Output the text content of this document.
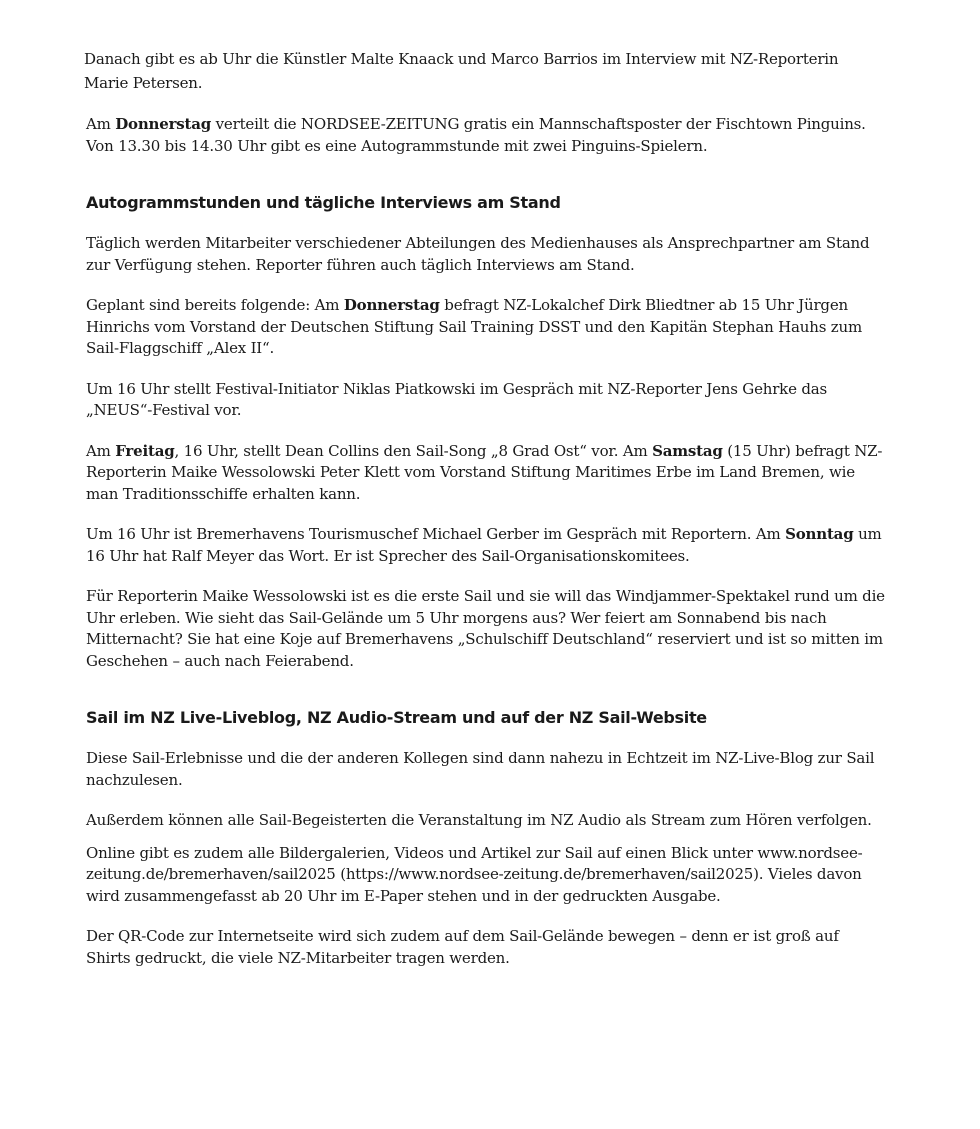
Danach gibt es ab Uhr die Künstler Malte Knaack und Marco Barrios im Interview mit NZ-Reporterin Marie Petersen.

Am Donnerstag verteilt die NORDSEE-ZEITUNG gratis ein Mannschaftsposter der Fischtown Pinguins. Von 13.30 bis 14.30 Uhr gibt es eine Autogrammstunde mit zwei Pinguins-Spielern.

Autogrammstunden und tägliche Interviews am Stand

Täglich werden Mitarbeiter verschiedener Abteilungen des Medienhauses als Ansprechpartner am Stand zur Verfügung stehen. Reporter führen auch täglich Interviews am Stand.

Geplant sind bereits folgende: Am Donnerstag befragt NZ-Lokalchef Dirk Bliedtner ab 15 Uhr Jürgen Hinrichs vom Vorstand der Deutschen Stiftung Sail Training DSST und den Kapitän Stephan Hauhs zum Sail-Flaggschiff „Alex II“.

Um 16 Uhr stellt Festival-Initiator Niklas Piatkowski im Gespräch mit NZ-Reporter Jens Gehrke das „NEUS“-Festival vor.

Am Freitag, 16 Uhr, stellt Dean Collins den Sail-Song „8 Grad Ost“ vor. Am Samstag (15 Uhr) befragt NZ-Reporterin Maike Wessolowski Peter Klett vom Vorstand Stiftung Maritimes Erbe im Land Bremen, wie man Traditionsschiffe erhalten kann.

Um 16 Uhr ist Bremerhavens Tourismuschef Michael Gerber im Gespräch mit Reportern. Am Sonntag um 16 Uhr hat Ralf Meyer das Wort. Er ist Sprecher des Sail-Organisationskomitees.

Für Reporterin Maike Wessolowski ist es die erste Sail und sie will das Windjammer-Spektakel rund um die Uhr erleben. Wie sieht das Sail-Gelände um 5 Uhr morgens aus? Wer feiert am Sonnabend bis nach Mitternacht? Sie hat eine Koje auf Bremerhavens „Schulschiff Deutschland“ reserviert und ist so mitten im Geschehen – auch nach Feierabend.

Sail im NZ Live-Liveblog, NZ Audio-Stream und auf der NZ Sail-Website

Diese Sail-Erlebnisse und die der anderen Kollegen sind dann nahezu in Echtzeit im NZ-Live-Blog zur Sail nachzulesen.

Außerdem können alle Sail-Begeisterten die Veranstaltung im NZ Audio als Stream zum Hören verfolgen.

Online gibt es zudem alle Bildergalerien, Videos und Artikel zur Sail auf einen Blick unter www.nordsee-zeitung.de/bremerhaven/sail2025 (https://www.nordsee-zeitung.de/bremerhaven/sail2025). Vieles davon wird zusammengefasst ab 20 Uhr im E-Paper stehen und in der gedruckten Ausgabe.

Der QR-Code zur Internetseite wird sich zudem auf dem Sail-Gelände bewegen – denn er ist groß auf Shirts gedruckt, die viele NZ-Mitarbeiter tragen werden.
